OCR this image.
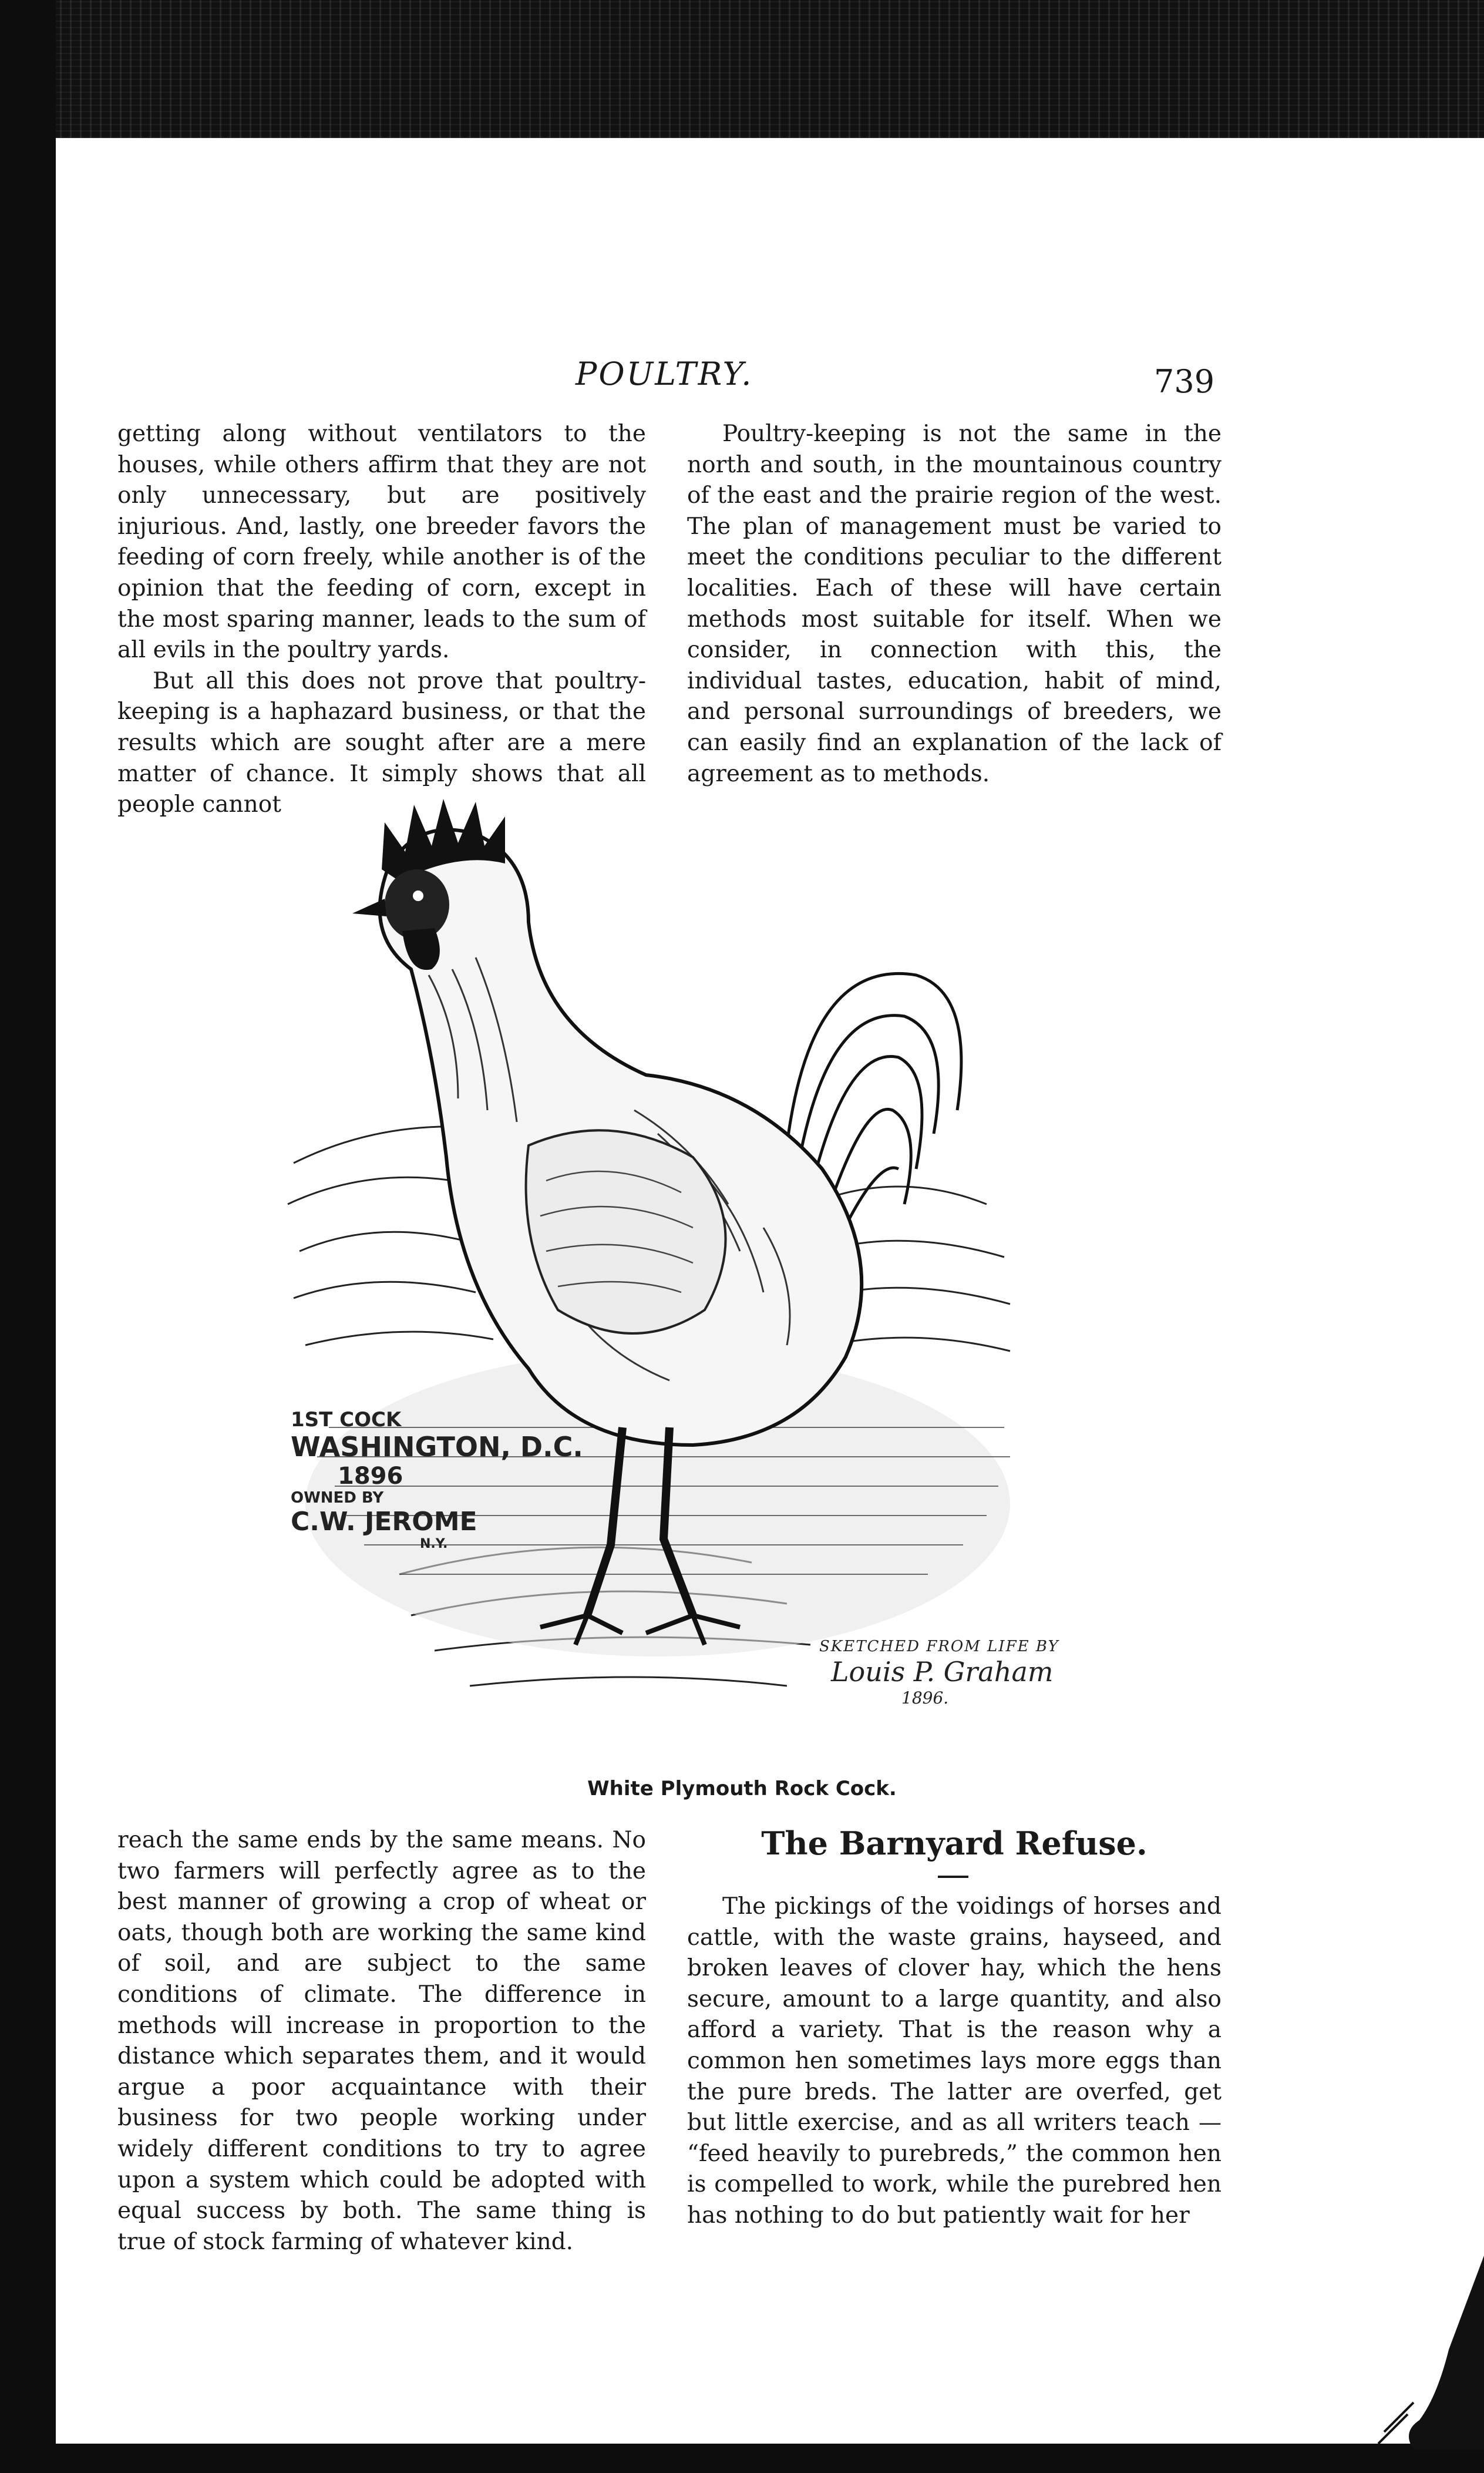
POULTRY.	739

getting along without ventilators to the houses, while others affirm that they are not only unnecessary, but are positively injurious. And, lastly, one breeder favors the feeding of corn freely, while another is of the opinion that the feeding of corn, except in the most sparing manner, leads to the sum of all evils in the poultry yards.

But all this does not prove that poultry-keeping is a haphazard business, or that the results which are sought after are a mere matter of chance. It simply shows that all people cannot

Poultry-keeping is not the same in the north and south, in the mountainous country of the east and the prairie region of the west. The plan of management must be varied to meet the conditions peculiar to the different localities. Each of these will have certain methods most suitable for itself. When we consider, in connection with this, the individual tastes, education, habit of mind, and personal surroundings of breeders, we can easily find an explanation of the lack of agreement as to methods.

1ST COCK
WASHINGTON, D.C.
1896
OWNED BY
C.W. JEROME
N.Y.
SKETCHED FROM LIFE BY
Louis P. Graham
1896.
White Plymouth Rock Cock.

reach the same ends by the same means. No two farmers will perfectly agree as to the best manner of growing a crop of wheat or oats, though both are working the same kind of soil, and are subject to the same conditions of climate. The difference in methods will increase in proportion to the distance which separates them, and it would argue a poor acquaintance with their business for two people working under widely different conditions to try to agree upon a system which could be adopted with equal success by both. The same thing is true of stock farming of whatever kind.

The Barnyard Refuse.

The pickings of the voidings of horses and cattle, with the waste grains, hayseed, and broken leaves of clover hay, which the hens secure, amount to a large quantity, and also afford a variety. That is the reason why a common hen sometimes lays more eggs than the pure breds. The latter are overfed, get but little exercise, and as all writers teach — “feed heavily to purebreds,” the common hen is compelled to work, while the purebred hen has nothing to do but patiently wait for her
